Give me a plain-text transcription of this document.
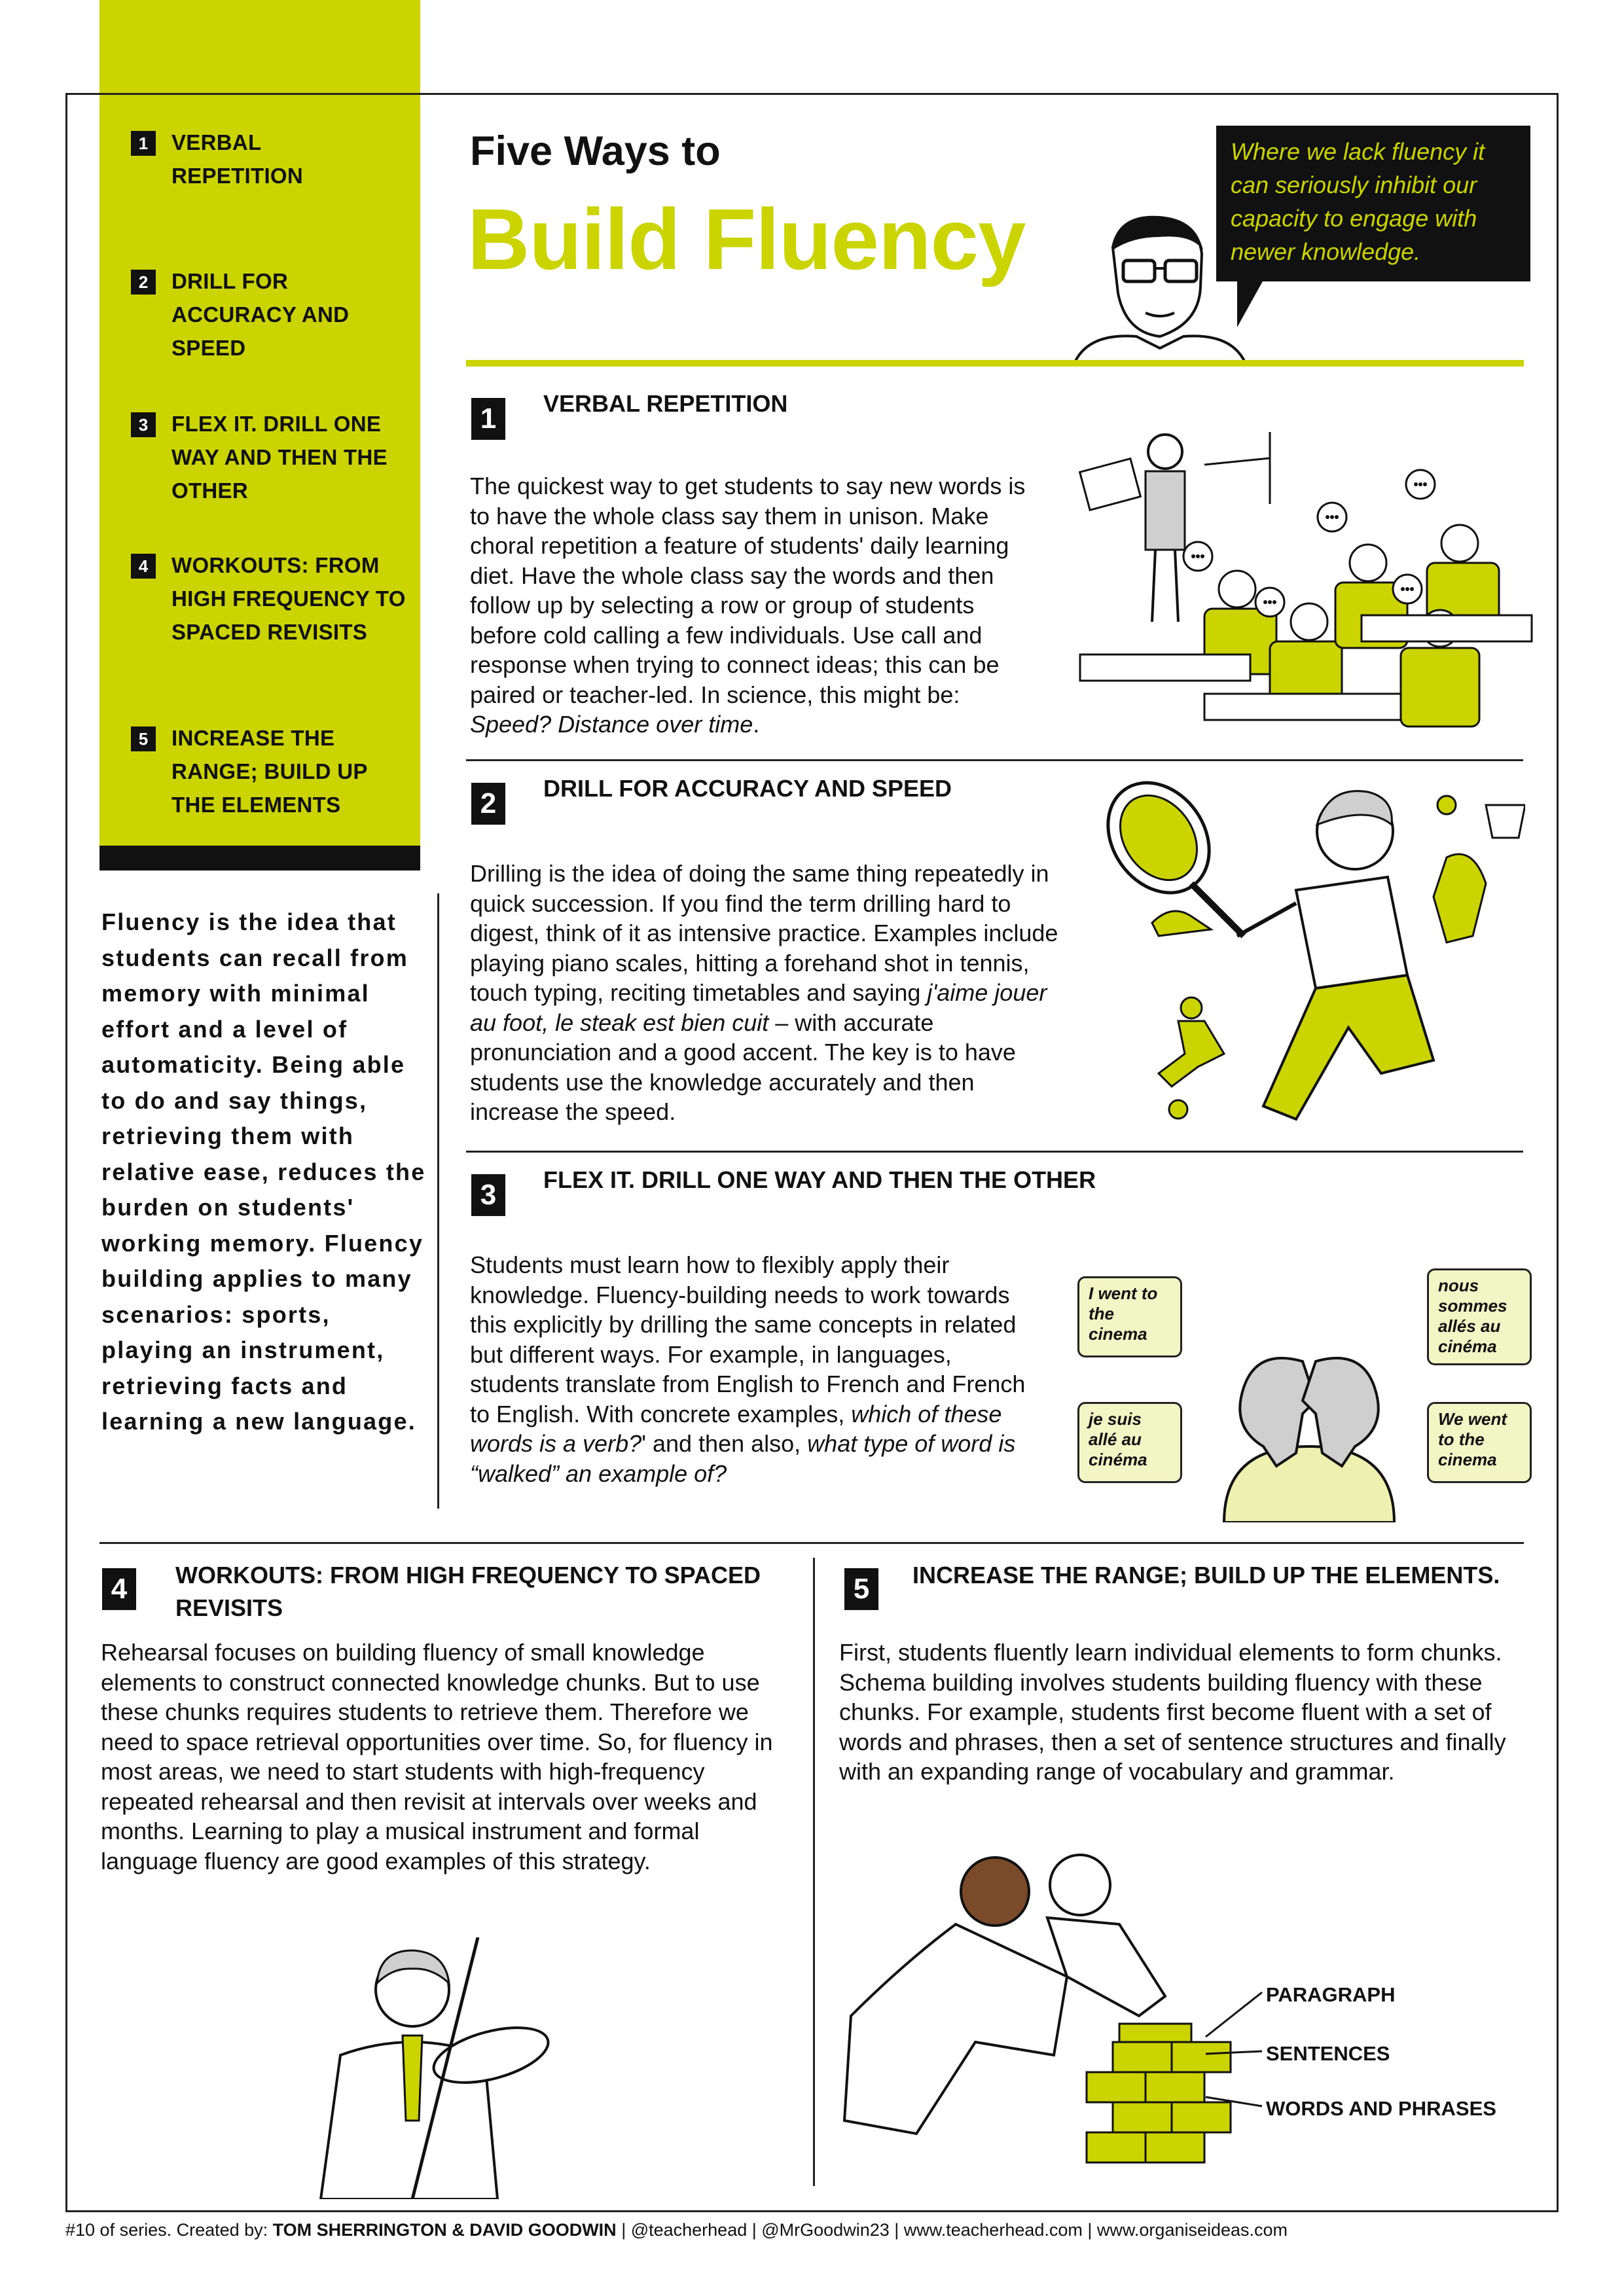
1	VERBAL REPETITION
2	DRILL FOR ACCURACY AND SPEED
3	FLEX IT. DRILL ONE WAY AND THEN THE OTHER
4	WORKOUTS: FROM HIGH FREQUENCY TO SPACED REVISITS
5	INCREASE THE RANGE; BUILD UP THE ELEMENTS
Fluency is the idea that students can recall from memory with minimal effort and a level of automaticity. Being able to do and say things, retrieving them with relative ease, reduces the burden on students' working memory. Fluency building applies to many scenarios: sports, playing an instrument, retrieving facts and learning a new language.
Five Ways to
Build Fluency
Where we lack fluency it can seriously inhibit our capacity to engage with newer knowledge.
1	VERBAL REPETITION
The quickest way to get students to say new words is to have the whole class say them in unison. Make choral repetition a feature of students' daily learning diet. Have the whole class say the words and then follow up by selecting a row or group of students before cold calling a few individuals. Use call and response when trying to connect ideas; this can be paired or teacher-led. In science, this might be: Speed? Distance over time.
2	DRILL FOR ACCURACY AND SPEED
Drilling is the idea of doing the same thing repeatedly in quick succession. If you find the term drilling hard to digest, think of it as intensive practice. Examples include playing piano scales, hitting a forehand shot in tennis, touch typing, reciting timetables and saying j'aime jouer au foot, le steak est bien cuit – with accurate pronunciation and a good accent. The key is to have students use the knowledge accurately and then increase the speed.
3	FLEX IT. DRILL ONE WAY AND THEN THE OTHER
Students must learn how to flexibly apply their knowledge. Fluency-building needs to work towards this explicitly by drilling the same concepts in related but different ways. For example, in languages, students translate from English to French and French to English. With concrete examples, which of these words is a verb?' and then also, what type of word is “walked” an example of?
I went to the cinema
je suis allé au cinéma
nous sommes allés au cinéma
We went to the cinema
4	WORKOUTS: FROM HIGH FREQUENCY TO SPACED REVISITS
Rehearsal focuses on building fluency of small knowledge elements to construct connected knowledge chunks. But to use these chunks requires students to retrieve them. Therefore we need to space retrieval opportunities over time. So, for fluency in most areas, we need to start students with high-frequency repeated rehearsal and then revisit at intervals over weeks and months. Learning to play a musical instrument and formal language fluency are good examples of this strategy.
5	INCREASE THE RANGE; BUILD UP THE ELEMENTS.
First, students fluently learn individual elements to form chunks. Schema building involves students building fluency with these chunks. For example, students first become fluent with a set of words and phrases, then a set of sentence structures and finally with an expanding range of vocabulary and grammar.
PARAGRAPH
SENTENCES
WORDS AND PHRASES
#10 of series. Created by: TOM SHERRINGTON & DAVID GOODWIN | @teacherhead | @MrGoodwin23 | www.teacherhead.com | www.organiseideas.com
